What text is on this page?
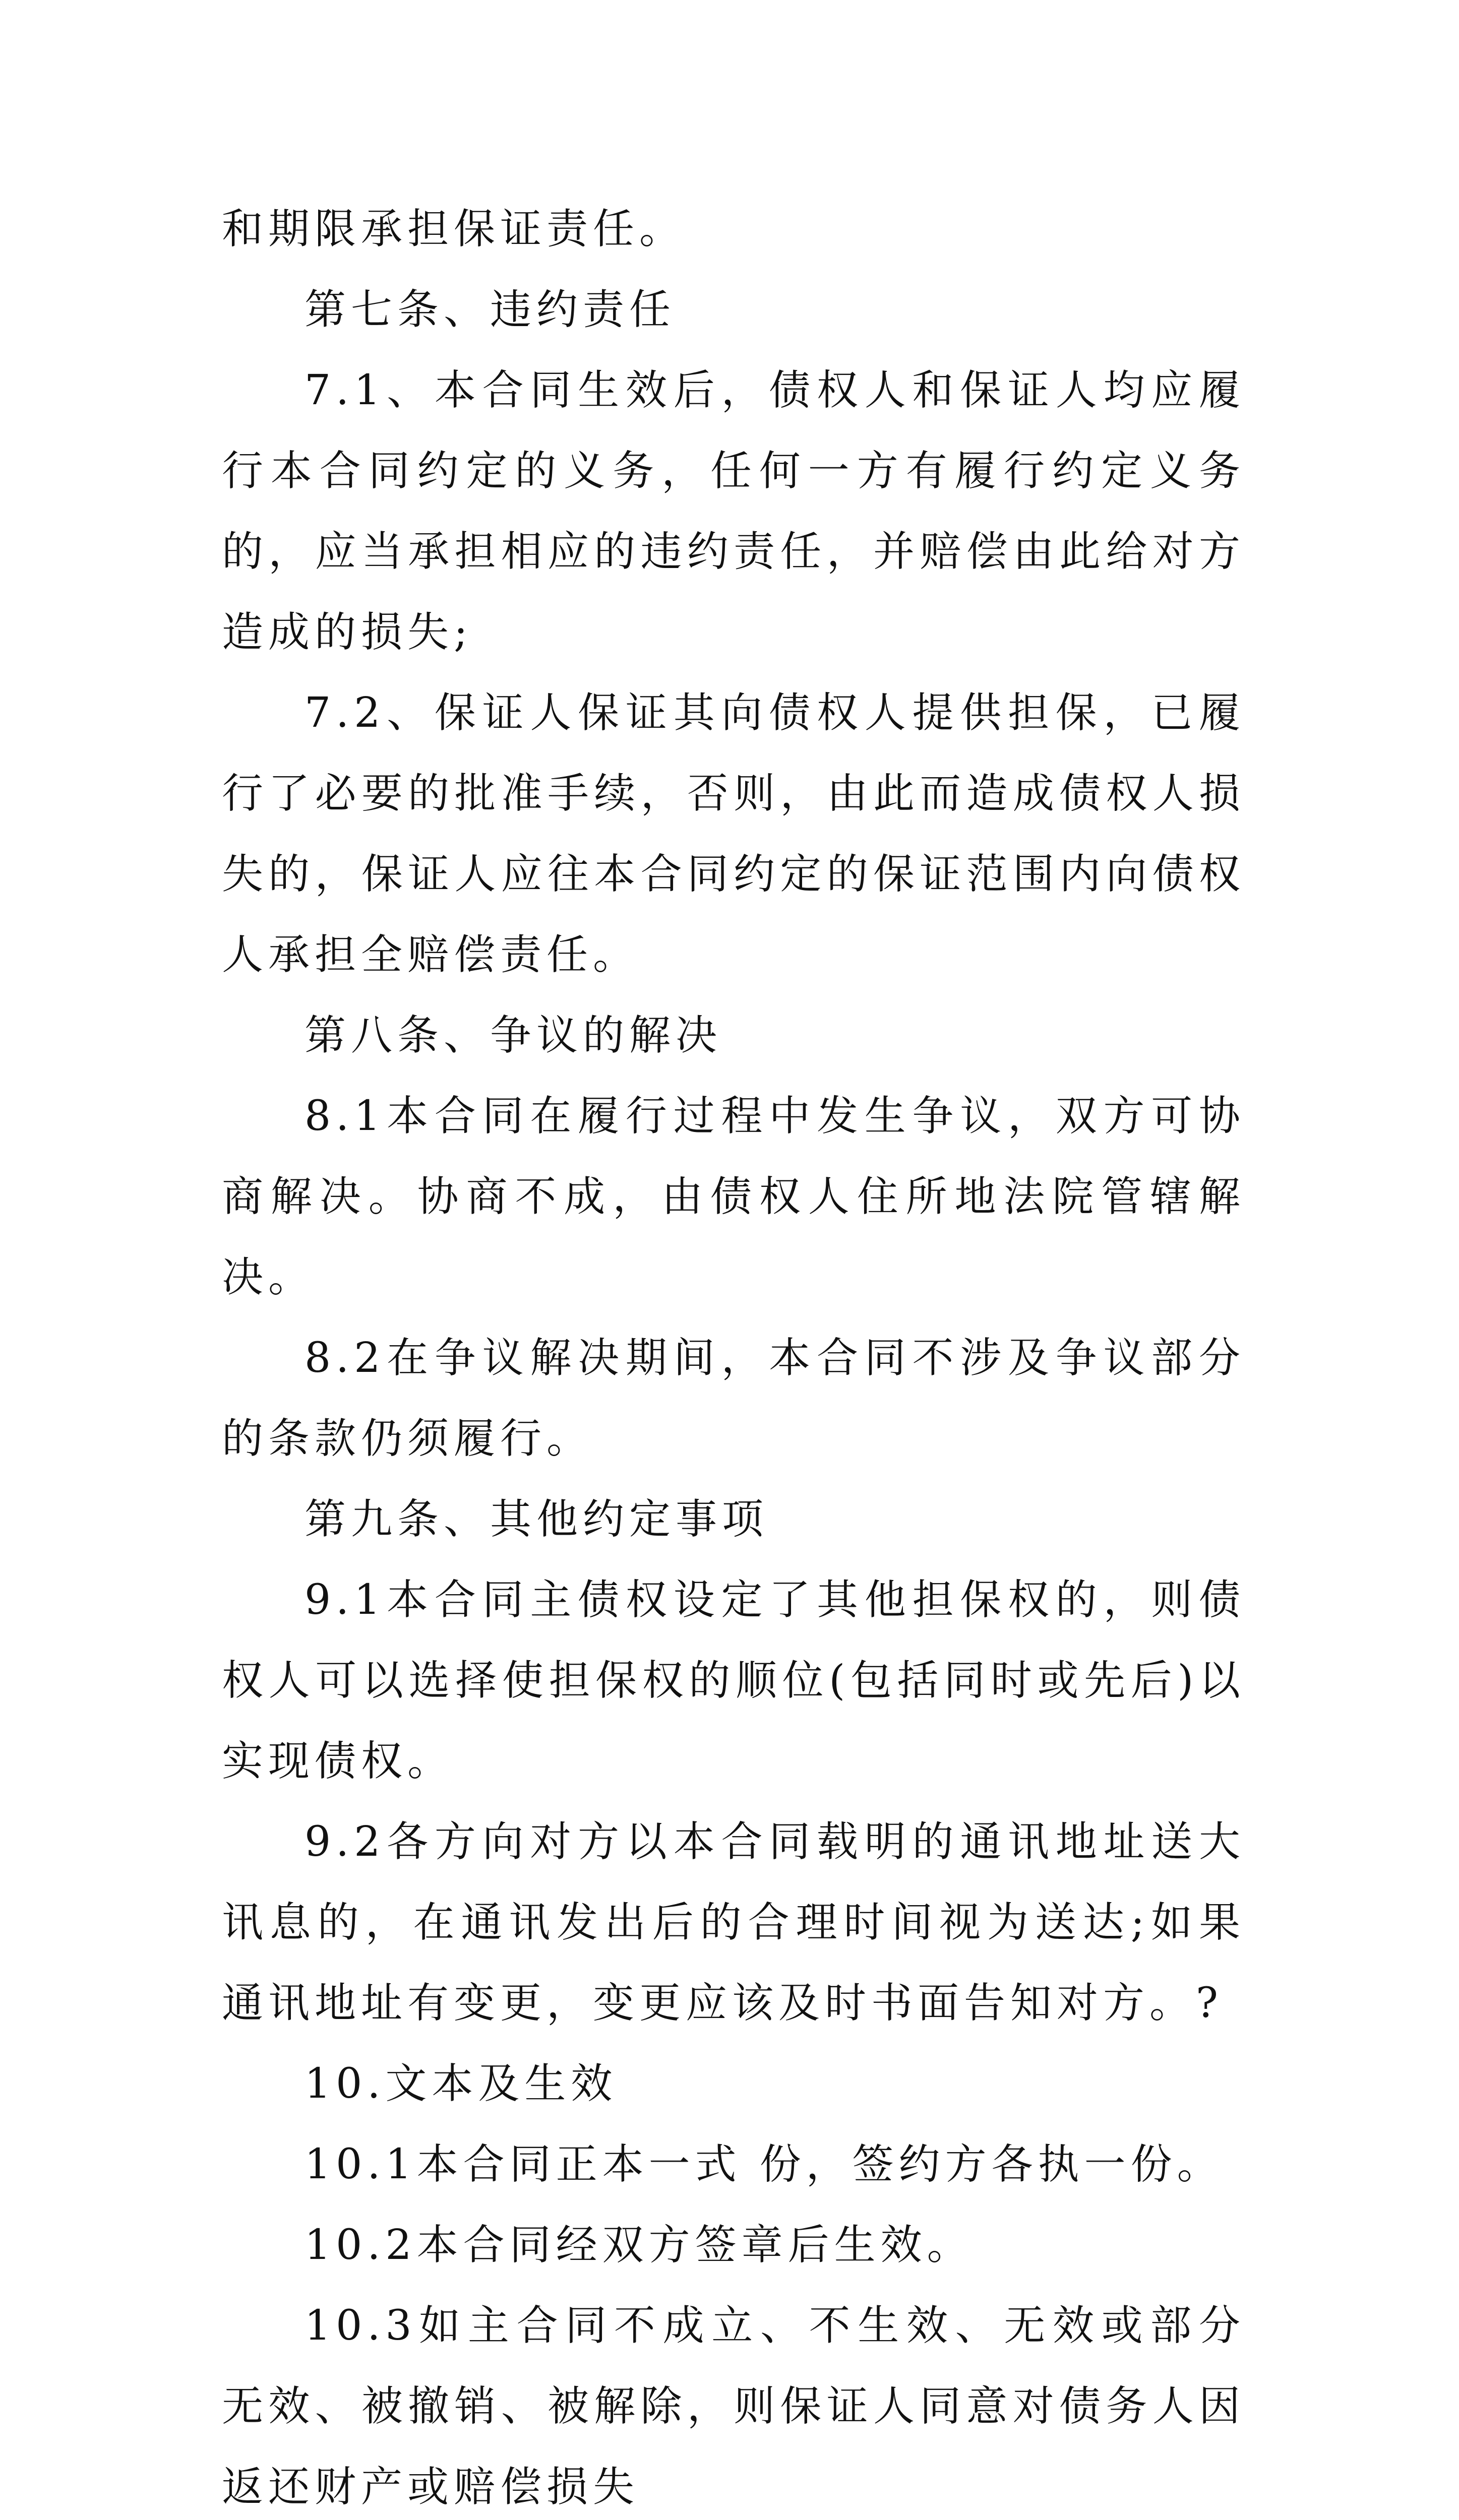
和期限承担保证责任。

第七条、违约责任

7.1、本合同生效后，债权人和保证人均应履行本合同约定的义务，任何一方有履行约定义务的，应当承担相应的违约责任，并赔偿由此给对方造成的损失;

7.2、保证人保证其向债权人提供担保，已履行了必要的批准手续，否则，由此而造成债权人损失的，保证人应往本合同约定的保证范围内向债权人承担全赔偿责任。

第八条、争议的解决

8.1本合同在履行过程中发生争议，双方可协商解决。协商不成，由债权人住所地法院管辖解决。

8.2在争议解决期间，本合同不涉及争议部分的条款仍须履行。

第九条、其他约定事项

9.1本合同主债权设定了其他担保权的，则债权人可以选择使担保权的顺位(包括同时或先后)以实现债权。

9.2各方向对方以本合同载明的通讯地址送大讯息的，在通讯发出后的合理时间视为送达;如果通讯地址有变更，变更应该及时书面告知对方。?

10.文本及生效

10.1本合同正本一式 份，签约方各执一份。

10.2本合同经双方签章后生效。

10.3如主合同不成立、不生效、无效或部分无效、被撤销、被解除，则保证人同意对债务人因返还财产或赔偿损失
